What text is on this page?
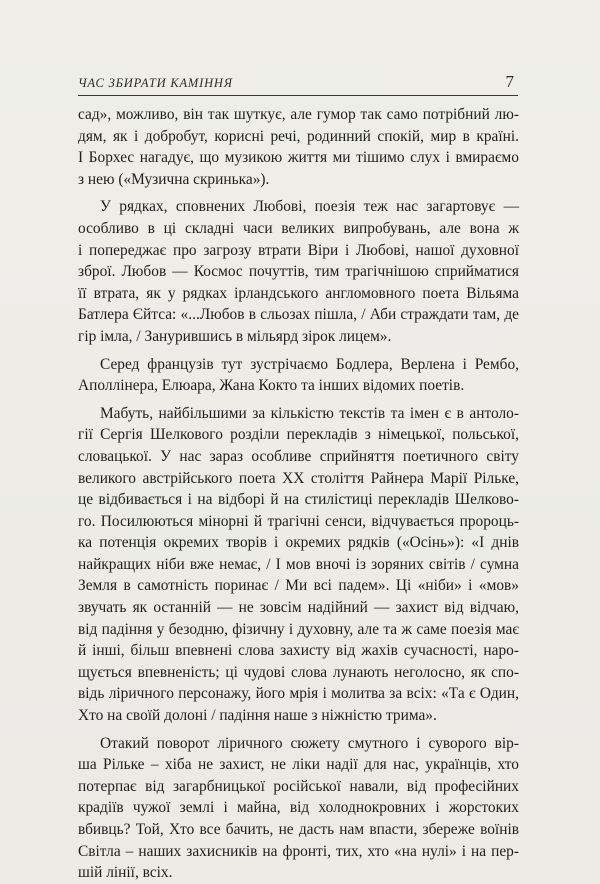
ЧАС ЗБИРАТИ КАМІННЯ	7

сад», можливо, він так шуткує, але гумор так само потрібний лю-
дям, як і добробут, корисні речі, родинний спокій, мир в країні.
І Борхес нагадує, що музикою життя ми тішимо слух і вмираємо
з нею («Музична скринька»).

У рядках, сповнених Любові, поезія теж нас загартовує —
особливо в ці складні часи великих випробувань, але вона ж
і попереджає про загрозу втрати Віри і Любові, нашої духовної
зброї. Любов — Космос почуттів, тим трагічнішою сприйматися
її втрата, як у рядках ірландського англомовного поета Вільяма
Батлера Єйтса: «...Любов в сльозах пішла, / Аби страждати там, де
гір імла, / Занурившись в мільярд зірок лицем».

Серед французів тут зустрічаємо Бодлера, Верлена і Рембо,
Аполлінера, Елюара, Жана Кокто та інших відомих поетів.

Мабуть, найбільшими за кількістю текстів та імен є в антоло-
гії Сергія Шелкового розділи перекладів з німецької, польської,
словацької. У нас зараз особливе сприйняття поетичного світу
великого австрійського поета ХХ століття Райнера Марії Рільке,
це відбивається і на відборі й на стилістиці перекладів Шелково-
го. Посилюються мінорні й трагічні сенси, відчувається пророць-
ка потенція окремих творів і окремих рядків («Осінь»): «І днів
найкращих ніби вже немає, / І мов вночі із зоряних світів / сумна
Земля в самотність поринає / Ми всі падем». Ці «ніби» і «мов»
звучать як останній — не зовсім надійний — захист від відчаю,
від падіння у безодню, фізичну і духовну, але та ж саме поезія має
й інші, більш впевнені слова захисту від жахів сучасності, наро-
щується впевненість; ці чудові слова лунають неголосно, як спо-
відь ліричного персонажу, його мрія і молитва за всіх: «Та є Один,
Хто на своїй долоні / падіння наше з ніжністю трима».

Отакий поворот ліричного сюжету смутного і суворого вір-
ша Рільке – хіба не захист, не ліки надії для нас, українців, хто
потерпає від загарбницької російської навали, від професійних
крадіїв чужої землі і майна, від холоднокровних і жорстоких
вбивць? Той, Хто все бачить, не дасть нам впасти, збереже воїнів
Світла – наших захисників на фронті, тих, хто «на нулі» і на пер-
шій лінії, всіх.
